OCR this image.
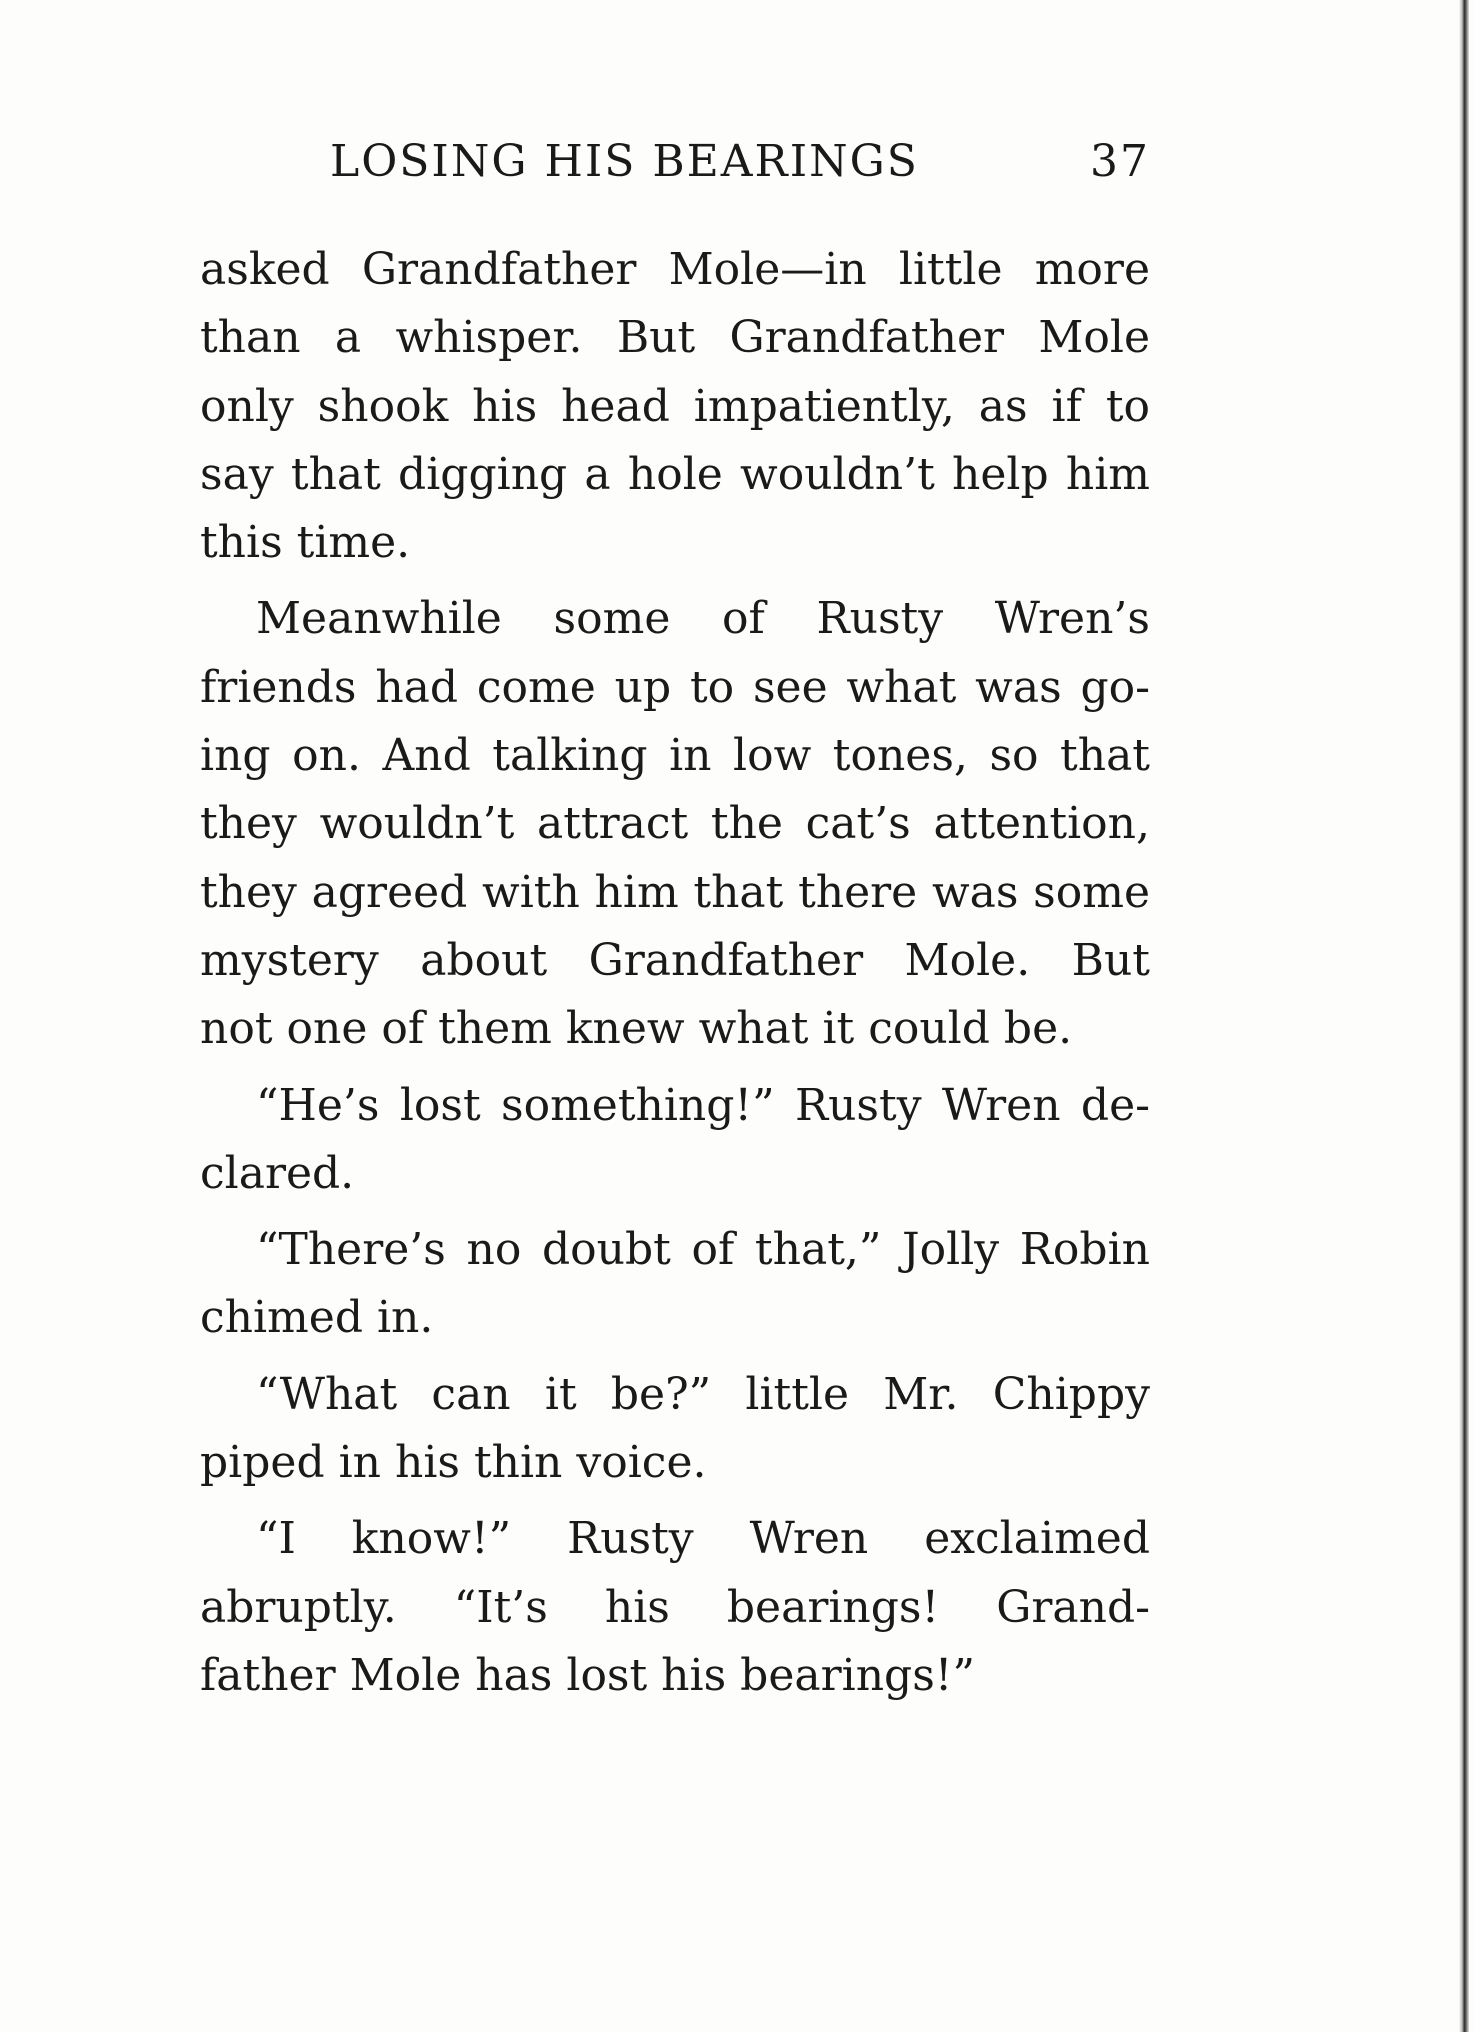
LOSING HIS BEARINGS	37
asked Grandfather Mole—in little more
than a whisper. But Grandfather Mole
only shook his head impatiently, as if to
say that digging a hole wouldn’t help him
this time.
Meanwhile some of Rusty Wren’s
friends had come up to see what was go-
ing on. And talking in low tones, so that
they wouldn’t attract the cat’s attention,
they agreed with him that there was some
mystery about Grandfather Mole. But
not one of them knew what it could be.
“He’s lost something!” Rusty Wren de-
clared.
“There’s no doubt of that,” Jolly Robin
chimed in.
“What can it be?” little Mr. Chippy
piped in his thin voice.
“I know!” Rusty Wren exclaimed
abruptly. “It’s his bearings! Grand-
father Mole has lost his bearings!”
